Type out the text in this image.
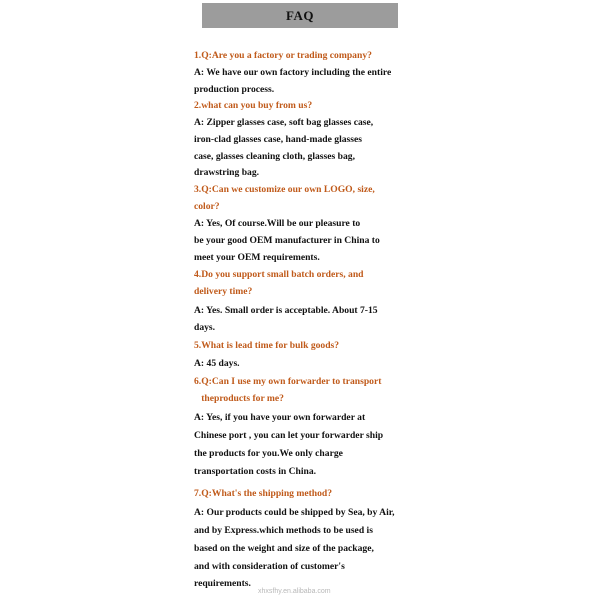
FAQ
1.Q:Are you a factory or trading company?
A: We have our own factory including the entire
production process.
2.what can you buy from us?
A: Zipper glasses case, soft bag glasses case,
iron-clad glasses case, hand-made glasses
case, glasses cleaning cloth, glasses bag,
drawstring bag.
3.Q:Can we customize our own LOGO, size,
color?
A: Yes, Of course.Will be our pleasure to
be your good OEM manufacturer in China to
meet your OEM requirements.
4.Do you support small batch orders, and
delivery time?
A: Yes. Small order is acceptable. About 7-15
days.
5.What is lead time for bulk goods?
A: 45 days.
6.Q:Can I use my own forwarder to transport
theproducts for me?
A: Yes, if you have your own forwarder at
Chinese port , you can let your forwarder ship
the products for you.We only charge
transportation costs in China.
7.Q:What's the shipping method?
A: Our products could be shipped by Sea, by Air,
and by Express.which methods to be used is
based on the weight and size of the package,
and with consideration of customer's
requirements.
xhxsfhy.en.alibaba.com
